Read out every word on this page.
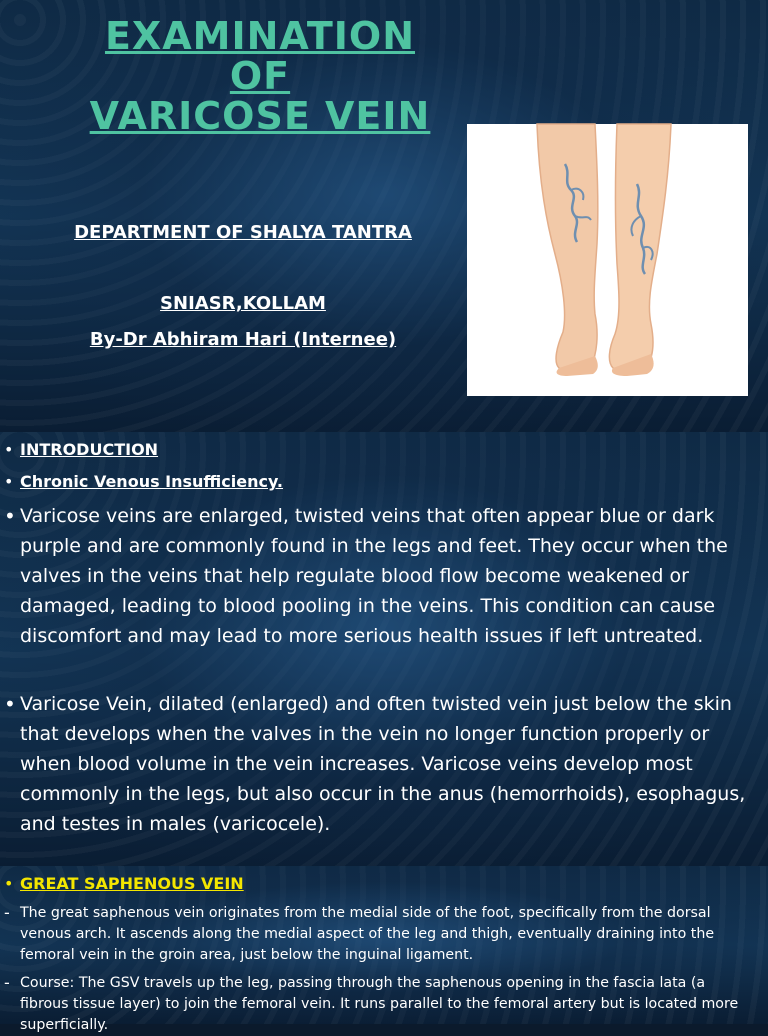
EXAMINATION OF
VARICOSE VEIN
DEPARTMENT OF SHALYA TANTRA
SNIASR,KOLLAM
By-Dr Abhiram Hari (Internee)
• INTRODUCTION
• Chronic Venous Insufficiency.
• Varicose veins are enlarged, twisted veins that often appear blue or dark purple and are commonly found in the legs and feet. They occur when the valves in the veins that help regulate blood flow become weakened or damaged, leading to blood pooling in the veins. This condition can cause discomfort and may lead to more serious health issues if left untreated.
• Varicose Vein, dilated (enlarged) and often twisted vein just below the skin that develops when the valves in the vein no longer function properly or when blood volume in the vein increases. Varicose veins develop most commonly in the legs, but also occur in the anus (hemorrhoids), esophagus, and testes in males (varicocele).
• GREAT SAPHENOUS VEIN
- The great saphenous vein originates from the medial side of the foot, specifically from the dorsal venous arch. It ascends along the medial aspect of the leg and thigh, eventually draining into the femoral vein in the groin area, just below the inguinal ligament.
- Course: The GSV travels up the leg, passing through the saphenous opening in the fascia lata (a fibrous tissue layer) to join the femoral vein. It runs parallel to the femoral artery but is located more superficially.
